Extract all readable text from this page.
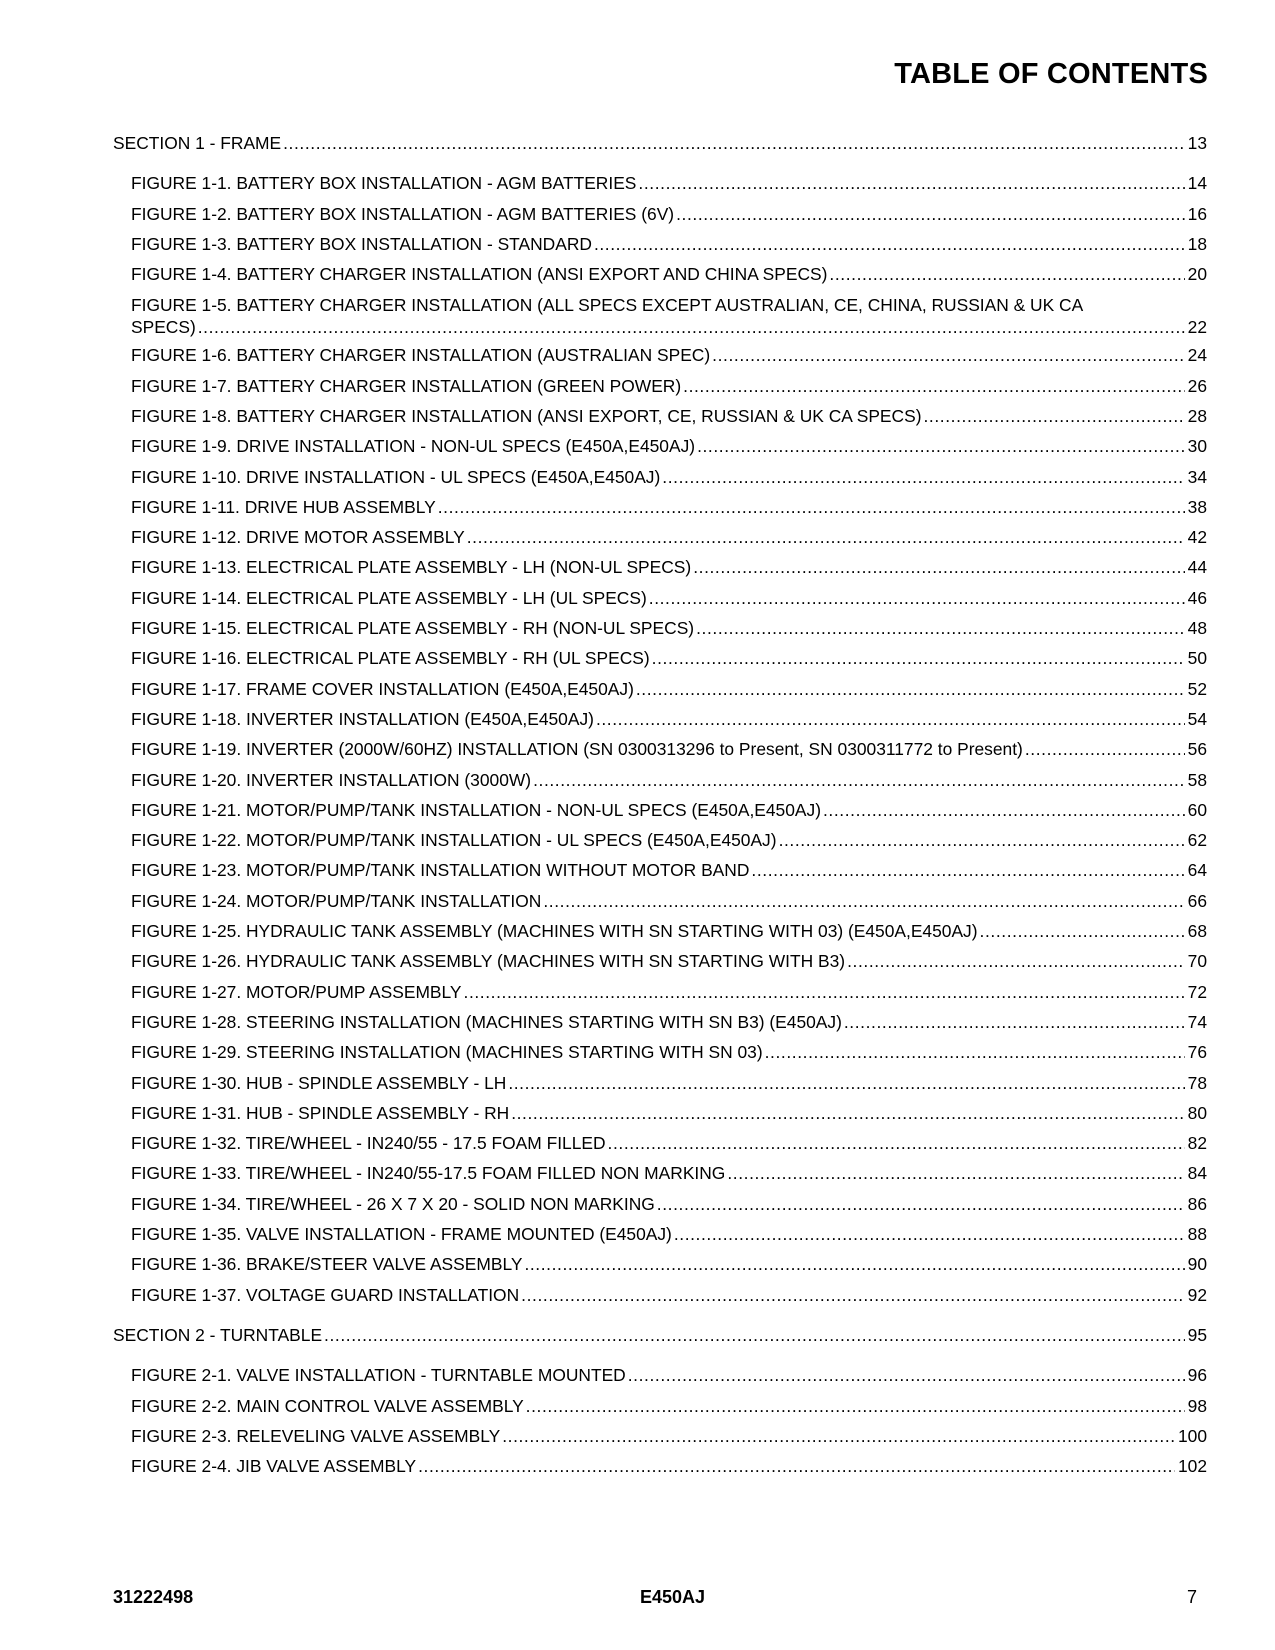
TABLE OF CONTENTS
SECTION 1 - FRAME .....	13
FIGURE 1-1. BATTERY BOX INSTALLATION - AGM BATTERIES .....	14
FIGURE 1-2. BATTERY BOX INSTALLATION - AGM BATTERIES (6V) .....	16
FIGURE 1-3. BATTERY BOX INSTALLATION - STANDARD .....	18
FIGURE 1-4. BATTERY CHARGER INSTALLATION (ANSI EXPORT AND CHINA SPECS) .....	20
FIGURE 1-5. BATTERY CHARGER INSTALLATION (ALL SPECS EXCEPT AUSTRALIAN, CE, CHINA, RUSSIAN & UK CA
SPECS) .....	22
FIGURE 1-6. BATTERY CHARGER INSTALLATION (AUSTRALIAN SPEC) .....	24
FIGURE 1-7. BATTERY CHARGER INSTALLATION (GREEN POWER) .....	26
FIGURE 1-8. BATTERY CHARGER INSTALLATION (ANSI EXPORT, CE, RUSSIAN & UK CA SPECS) .....	28
FIGURE 1-9. DRIVE INSTALLATION - NON-UL SPECS (E450A,E450AJ) .....	30
FIGURE 1-10. DRIVE INSTALLATION - UL SPECS (E450A,E450AJ) .....	34
FIGURE 1-11. DRIVE HUB ASSEMBLY .....	38
FIGURE 1-12. DRIVE MOTOR ASSEMBLY .....	42
FIGURE 1-13. ELECTRICAL PLATE ASSEMBLY - LH (NON-UL SPECS) .....	44
FIGURE 1-14. ELECTRICAL PLATE ASSEMBLY - LH (UL SPECS) .....	46
FIGURE 1-15. ELECTRICAL PLATE ASSEMBLY - RH (NON-UL SPECS) .....	48
FIGURE 1-16. ELECTRICAL PLATE ASSEMBLY - RH (UL SPECS) .....	50
FIGURE 1-17. FRAME COVER INSTALLATION (E450A,E450AJ) .....	52
FIGURE 1-18. INVERTER INSTALLATION (E450A,E450AJ) .....	54
FIGURE 1-19. INVERTER (2000W/60HZ) INSTALLATION (SN 0300313296 to Present, SN 0300311772 to Present) .....	56
FIGURE 1-20. INVERTER INSTALLATION (3000W) .....	58
FIGURE 1-21. MOTOR/PUMP/TANK INSTALLATION - NON-UL SPECS (E450A,E450AJ) .....	60
FIGURE 1-22. MOTOR/PUMP/TANK INSTALLATION - UL SPECS (E450A,E450AJ) .....	62
FIGURE 1-23. MOTOR/PUMP/TANK INSTALLATION WITHOUT MOTOR BAND .....	64
FIGURE 1-24. MOTOR/PUMP/TANK INSTALLATION .....	66
FIGURE 1-25. HYDRAULIC TANK ASSEMBLY (MACHINES WITH SN STARTING WITH 03) (E450A,E450AJ) .....	68
FIGURE 1-26. HYDRAULIC TANK ASSEMBLY (MACHINES WITH SN STARTING WITH B3) .....	70
FIGURE 1-27. MOTOR/PUMP ASSEMBLY .....	72
FIGURE 1-28. STEERING INSTALLATION (MACHINES STARTING WITH SN B3) (E450AJ) .....	74
FIGURE 1-29. STEERING INSTALLATION (MACHINES STARTING WITH SN 03) .....	76
FIGURE 1-30. HUB - SPINDLE ASSEMBLY - LH .....	78
FIGURE 1-31. HUB - SPINDLE ASSEMBLY - RH .....	80
FIGURE 1-32. TIRE/WHEEL - IN240/55 - 17.5 FOAM FILLED .....	82
FIGURE 1-33. TIRE/WHEEL - IN240/55-17.5 FOAM FILLED NON MARKING .....	84
FIGURE 1-34. TIRE/WHEEL - 26 X 7 X 20 - SOLID NON MARKING .....	86
FIGURE 1-35. VALVE INSTALLATION - FRAME MOUNTED (E450AJ) .....	88
FIGURE 1-36. BRAKE/STEER VALVE ASSEMBLY .....	90
FIGURE 1-37. VOLTAGE GUARD INSTALLATION .....	92
SECTION 2 - TURNTABLE .....	95
FIGURE 2-1. VALVE INSTALLATION - TURNTABLE MOUNTED .....	96
FIGURE 2-2. MAIN CONTROL VALVE ASSEMBLY .....	98
FIGURE 2-3. RELEVELING VALVE ASSEMBLY .....	100
FIGURE 2-4. JIB VALVE ASSEMBLY .....	102
31222498	E450AJ	7
